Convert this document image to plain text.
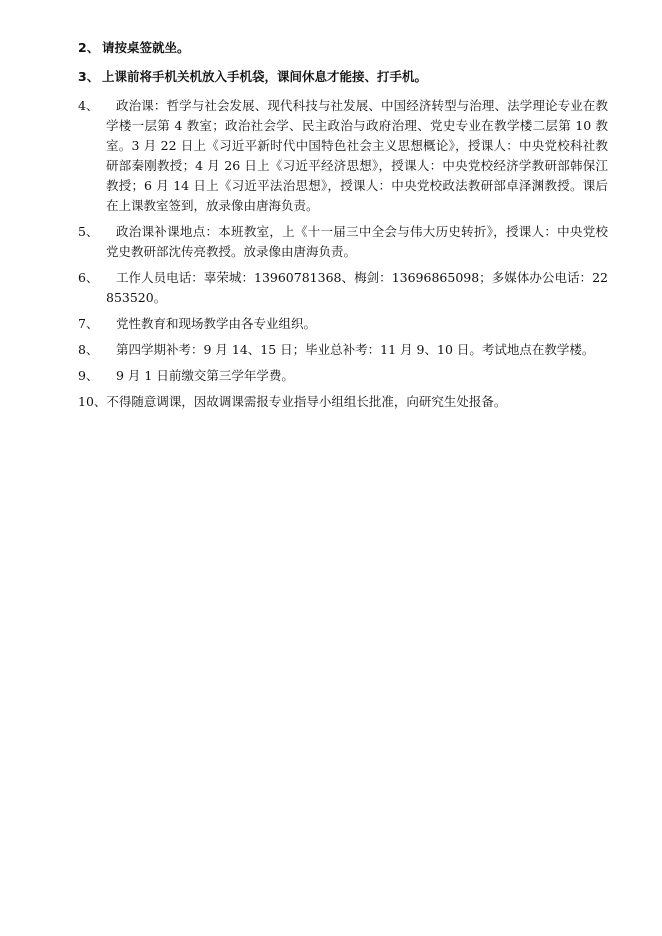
2、 请按桌签就坐。
3、 上课前将手机关机放入手机袋，课间休息才能接、打手机。
4、	政治课：哲学与社会发展、现代科技与社发展、中国经济转型与治理、法学理论专业在教学楼一层第 4 教室；政治社会学、民主政治与政府治理、党史专业在教学楼二层第 10 教室。3 月 22 日上《习近平新时代中国特色社会主义思想概论》，授课人：中央党校科社教研部秦刚教授；4 月 26 日上《习近平经济思想》，授课人：中央党校经济学教研部韩保江教授；6 月 14 日上《习近平法治思想》，授课人：中央党校政法教研部卓泽渊教授。课后在上课教室签到，放录像由唐海负责。
5、	政治课补课地点：本班教室，上《十一届三中全会与伟大历史转折》，授课人：中央党校党史教研部沈传亮教授。放录像由唐海负责。
6、	工作人员电话：辜荣城：13960781368、梅剑：13696865098；多媒体办公电话：22853520。
7、	党性教育和现场教学由各专业组织。
8、	第四学期补考：9 月 14、15 日；毕业总补考：11 月 9、10 日。考试地点在教学楼。
9、	9 月 1 日前缴交第三学年学费。
10、 不得随意调课，因故调课需报专业指导小组组长批准，向研究生处报备。
